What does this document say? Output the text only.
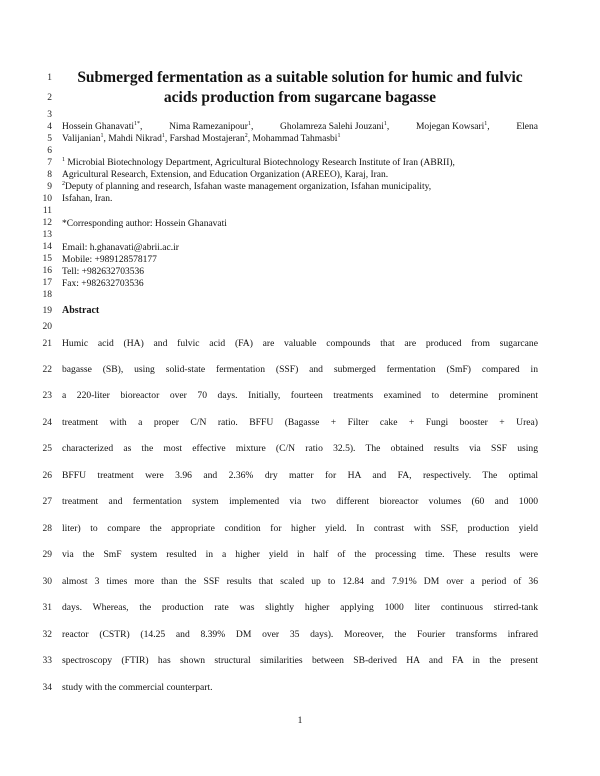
1
2
3
4
5
6
7
8
9
10
11
12
13
14
15
16
17
18
19
20
21
22
23
24
25
26
27
28
29
30
31
32
33
34
Submerged fermentation as a suitable solution for humic and fulvic
acids production from sugarcane bagasse
Hossein Ghanavati$^{1*}$,	Nima Ramezanipour$^1$,	Gholamreza Salehi Jouzani$^1$,	Mojegan Kowsari$^1$,	Elena
Valijanian$^1$, Mahdi Nikrad$^1$, Farshad Mostajeran$^2$, Mohammad Tahmasbi$^1$
$^1$ Microbial Biotechnology Department, Agricultural Biotechnology Research Institute of Iran (ABRII),
Agricultural Research, Extension, and Education Organization (AREEO), Karaj, Iran.
$^2$Deputy of planning and research, Isfahan waste management organization, Isfahan municipality,
Isfahan, Iran.
*Corresponding author: Hossein Ghanavati
Email: h.ghanavati@abrii.ac.ir
Mobile: +989128578177
Tell: +982632703536
Fax: +982632703536
Abstract
Humic acid (HA) and fulvic acid (FA) are valuable compounds that are produced from sugarcane
bagasse (SB), using solid-state fermentation (SSF) and submerged fermentation (SmF) compared in
a 220-liter bioreactor over 70 days. Initially, fourteen treatments examined to determine prominent
treatment with a proper C/N ratio. BFFU (Bagasse + Filter cake + Fungi booster + Urea)
characterized as the most effective mixture (C/N ratio 32.5). The obtained results via SSF using
BFFU treatment were 3.96 and 2.36% dry matter for HA and FA, respectively. The optimal
treatment and fermentation system implemented via two different bioreactor volumes (60 and 1000
liter) to compare the appropriate condition for higher yield. In contrast with SSF, production yield
via the SmF system resulted in a higher yield in half of the processing time. These results were
almost 3 times more than the SSF results that scaled up to 12.84 and 7.91% DM over a period of 36
days. Whereas, the production rate was slightly higher applying 1000 liter continuous stirred-tank
reactor (CSTR) (14.25 and 8.39% DM over 35 days). Moreover, the Fourier transforms infrared
spectroscopy (FTIR) has shown structural similarities between SB-derived HA and FA in the present
study with the commercial counterpart.
1
